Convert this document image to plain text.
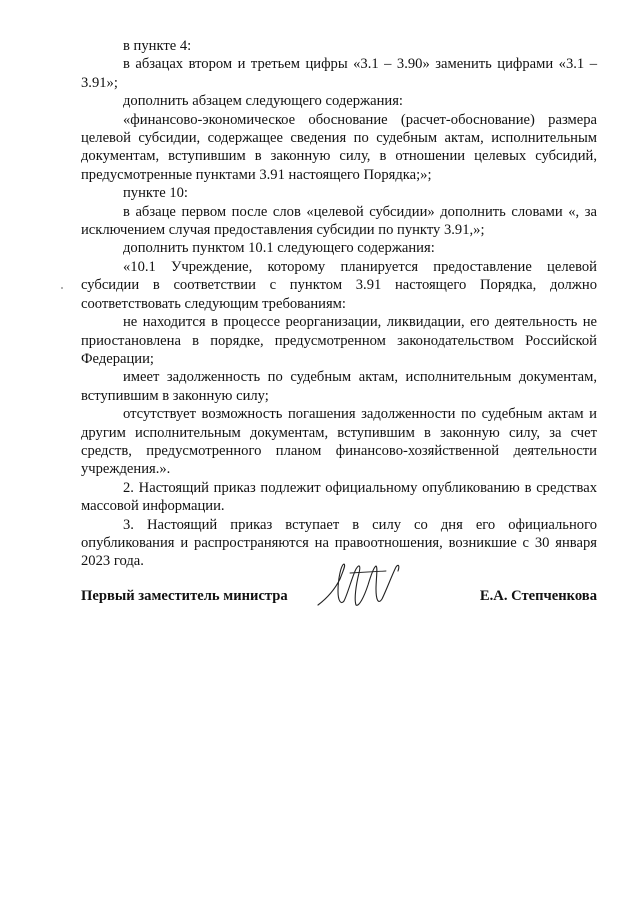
в пункте 4:

в абзацах втором и третьем цифры «3.1 – 3.90» заменить цифрами «3.1 – 3.91»;

дополнить абзацем следующего содержания:

«финансово-экономическое обоснование (расчет-обоснование) размера целевой субсидии, содержащее сведения по судебным актам, исполнительным документам, вступившим в законную силу, в отношении целевых субсидий, предусмотренные пунктами 3.91 настоящего Порядка;»;

пункте 10:

в абзаце первом после слов «целевой субсидии» дополнить словами «, за исключением случая предоставления субсидии по пункту 3.91,»;

дополнить пунктом 10.1 следующего содержания:

«10.1 Учреждение, которому планируется предоставление целевой субсидии в соответствии с пунктом 3.91 настоящего Порядка, должно соответствовать следующим требованиям:

не находится в процессе реорганизации, ликвидации, его деятельность не приостановлена в порядке, предусмотренном законодательством Российской Федерации;

имеет задолженность по судебным актам, исполнительным документам, вступившим в законную силу;

отсутствует возможность погашения задолженности по судебным актам и другим исполнительным документам, вступившим в законную силу, за счет средств, предусмотренного планом финансово-хозяйственной деятельности учреждения.».

2. Настоящий приказ подлежит официальному опубликованию в средствах массовой информации.

3. Настоящий приказ вступает в силу со дня его официального опубликования и распространяются на правоотношения, возникшие с 30 января 2023 года.

Первый заместитель министра	Е.А. Степченкова
